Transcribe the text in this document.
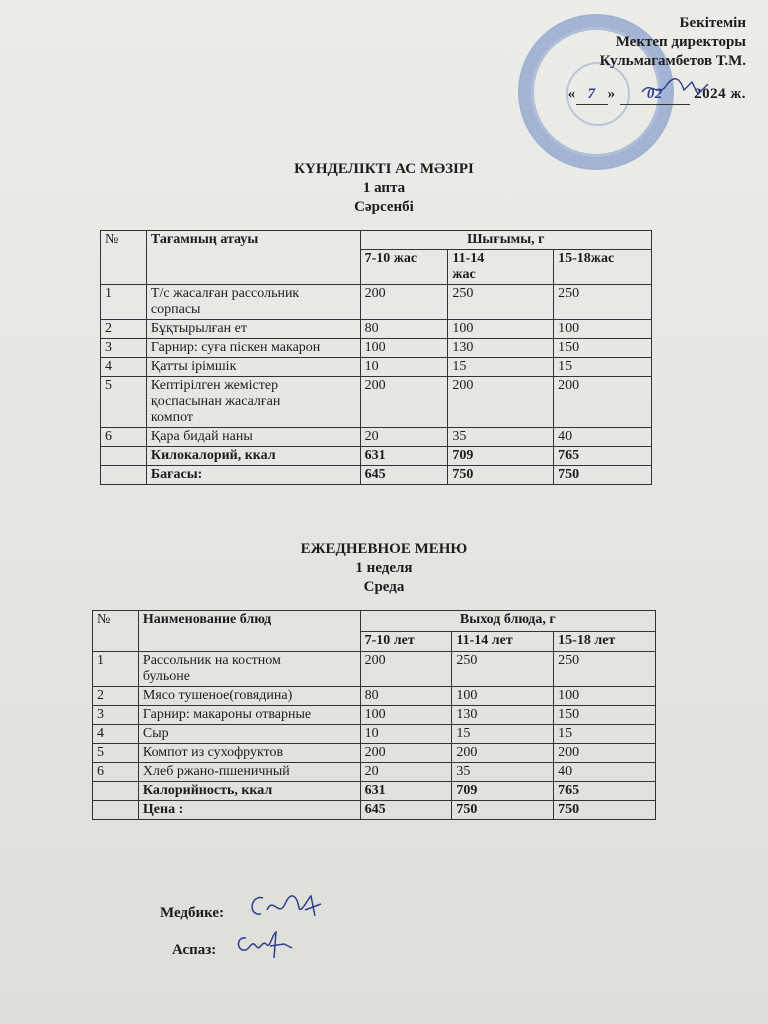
Бекітемін
Мектеп директоры
Кульмагамбетов Т.М.
« 7 » 02 2024 ж.
КҮНДЕЛІКТІ АС МӘЗІРІ
1 апта
Сәрсенбі
№	Тағамның атауы	Шығымы, г		
		7-10 жас	11-14
жас	15-18жас
1	Т/с жасалған рассольник
сорпасы	200	250	250
2	Бұқтырылған ет	80	100	100
3	Гарнир: суға піскен макарон	100	130	150
4	Қатты ірімшік	10	15	15
5	Кептірілген жемістер
қоспасынан жасалған
компот	200	200	200
6	Қара бидай наны	20	35	40
	Килокалорий, ккал	631	709	765
	Бағасы:	645	750	750
ЕЖЕДНЕВНОЕ МЕНЮ
1 неделя
Среда
№	Наименование блюд	Выход блюда, г		
		7-10 лет	11-14 лет	15-18 лет
1	Рассольник на костном
бульоне	200	250	250
2	Мясо тушеное(говядина)	80	100	100
3	Гарнир: макароны отварные	100	130	150
4	Сыр	10	15	15
5	Компот из сухофруктов	200	200	200
6	Хлеб ржано-пшеничный	20	35	40
	Калорийность, ккал	631	709	765
	Цена :	645	750	750
Медбике:
Аспаз:
